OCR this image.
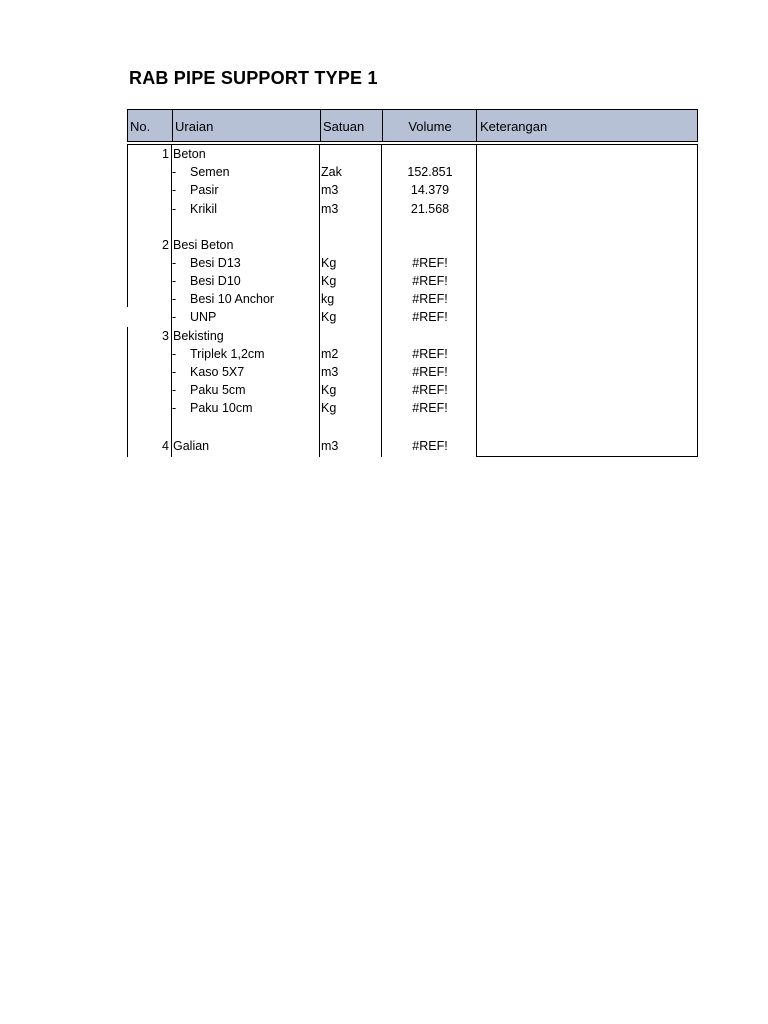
RAB PIPE SUPPORT TYPE 1
No. Uraian	Satuan	Volume	Keterangan
1 Beton
- Semen	Zak	152.851
- Pasir	m3	14.379
- Krikil	m3	21.568
2 Besi Beton
- Besi D13	Kg	#REF!
- Besi D10	Kg	#REF!
- Besi 10 Anchor	kg	#REF!
- UNP	Kg	#REF!
3 Bekisting
- Triplek 1,2cm	m2	#REF!
- Kaso 5X7	m3	#REF!
- Paku 5cm	Kg	#REF!
- Paku 10cm	Kg	#REF!
4 Galian	m3	#REF!
